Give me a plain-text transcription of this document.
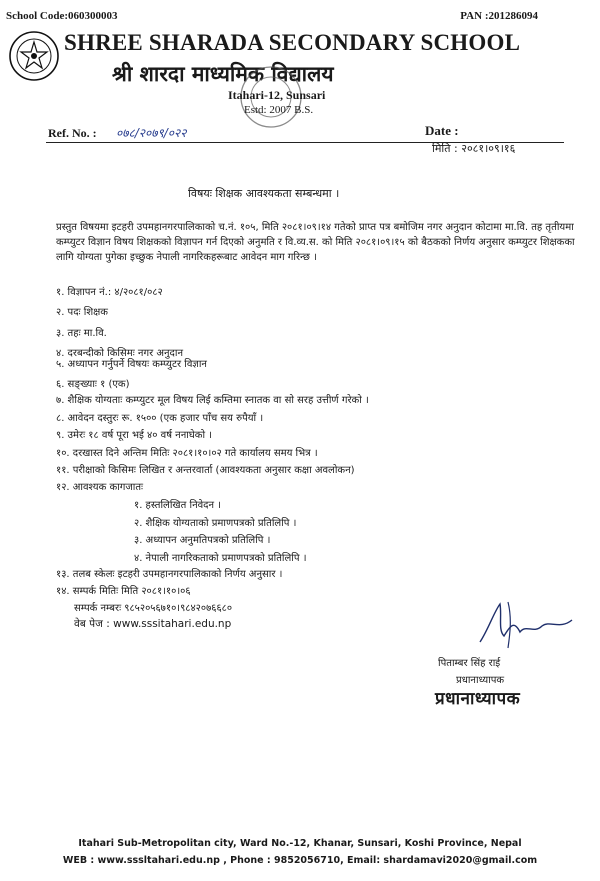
School Code:060300003	PAN :201286094
SHREE SHARADA SECONDARY SCHOOL
श्री शारदा माध्यमिक विद्यालय
Itahari-12, Sunsari
Estd: 2007 B.S.
Ref. No. : ०७८/२०७९/०२२	Date :
मिति : २०८१।०९।१६
विषयः शिक्षक आवश्यकता सम्बन्धमा ।
प्रस्तुत विषयमा इटहरी उपमहानगरपालिकाको च.नं. १०५, मिति २०८१।०९।१४ गतेको प्राप्त पत्र बमोजिम नगर अनुदान कोटामा मा.वि. तह तृतीयमा कम्प्युटर विज्ञान विषय शिक्षकको विज्ञापन गर्न दिएको अनुमति र वि.व्य.स. को मिति २०८१।०९।१५ को बैठकको निर्णय अनुसार कम्प्युटर शिक्षकका लागि योग्यता पुगेका इच्छुक नेपाली नागरिकहरूबाट आवेदन माग गरिन्छ ।
१. विज्ञापन नं.: ४/२०८१/०८२
२. पदः शिक्षक
३. तहः मा.वि.
४. दरबन्दीको किसिमः नगर अनुदान
५. अध्यापन गर्नुपर्ने विषयः कम्प्युटर विज्ञान
६. सङ्ख्याः १ (एक)
७. शैक्षिक योग्यताः कम्प्युटर मूल विषय लिई कम्तिमा स्नातक वा सो सरह उत्तीर्ण गरेको ।
८. आवेदन दस्तुरः रू. १५०० (एक हजार पाँच सय रुपैयाँ ।
९. उमेरः १८ वर्ष पूरा भई ४० वर्ष ननाघेको ।
१०. दरखास्त दिने अन्तिम मितिः २०८१।१०।०२ गते कार्यालय समय भित्र ।
११. परीक्षाको किसिमः लिखित र अन्तरवार्ता (आवश्यकता अनुसार कक्षा अवलोकन)
१२. आवश्यक कागजातः
१. हस्तलिखित निवेदन ।
२. शैक्षिक योग्यताको प्रमाणपत्रको प्रतिलिपि ।
३. अध्यापन अनुमतिपत्रको प्रतिलिपि ।
४. नेपाली नागरिकताको प्रमाणपत्रको प्रतिलिपि ।
१३. तलब स्केलः इटहरी उपमहानगरपालिकाको निर्णय अनुसार ।
१४. सम्पर्क मितिः मिति २०८१।१०।०६
सम्पर्क नम्बरः ९८५२०५६७१०।९८४२०७६६८०
वेब पेज : www.sssitahari.edu.np
पिताम्बर सिंह राई
प्रधानाध्यापक
प्रधानाध्यापक
Itahari Sub-Metropolitan city, Ward No.-12, Khanar, Sunsari, Koshi Province, Nepal
WEB : www.sssltahari.edu.np , Phone : 9852056710, Email: shardamavi2020@gmail.com
